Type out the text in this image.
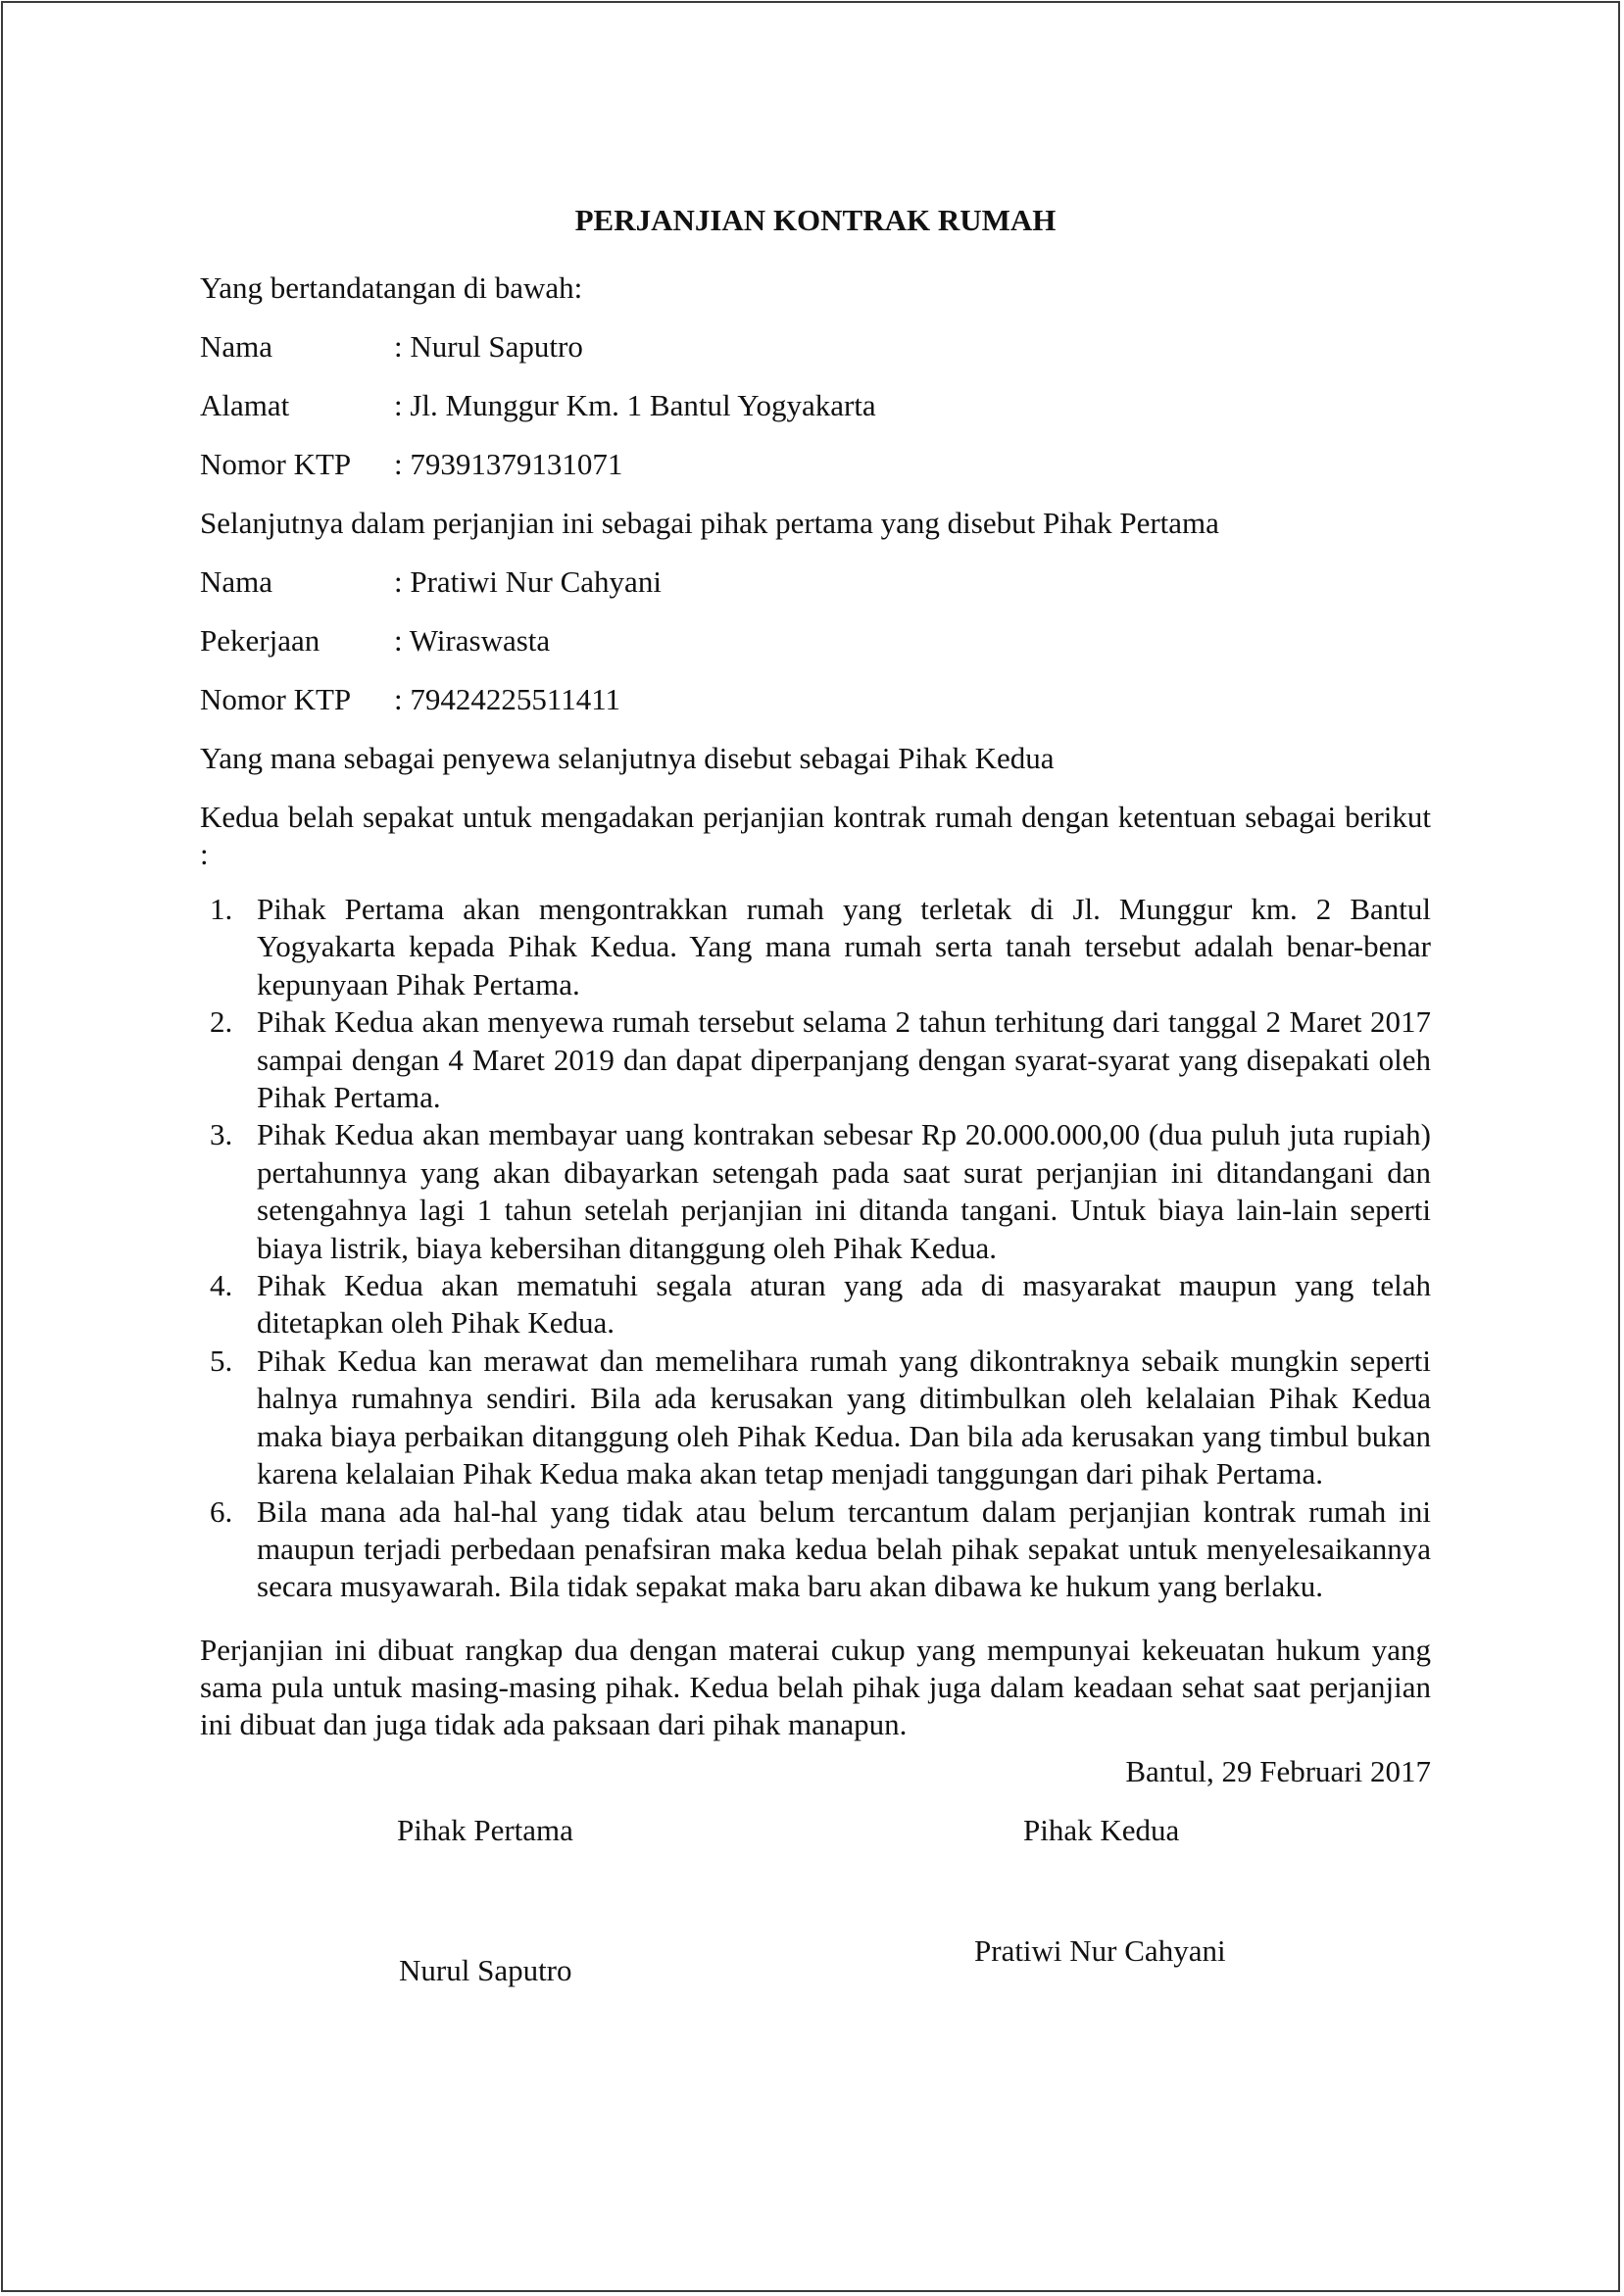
PERJANJIAN KONTRAK RUMAH
Yang bertandatangan di bawah:
Nama	: Nurul Saputro
Alamat	: Jl. Munggur Km. 1 Bantul Yogyakarta
Nomor KTP	: 79391379131071
Selanjutnya dalam perjanjian ini sebagai pihak pertama yang disebut Pihak Pertama
Nama	: Pratiwi Nur Cahyani
Pekerjaan	: Wiraswasta
Nomor KTP	: 79424225511411
Yang mana sebagai penyewa selanjutnya disebut sebagai Pihak Kedua
Kedua belah sepakat untuk mengadakan perjanjian kontrak rumah dengan ketentuan sebagai berikut :
1. Pihak Pertama akan mengontrakkan rumah yang terletak di Jl. Munggur km. 2 Bantul Yogyakarta kepada Pihak Kedua. Yang mana rumah serta tanah tersebut adalah benar-benar kepunyaan Pihak Pertama.
2. Pihak Kedua akan menyewa rumah tersebut selama 2 tahun terhitung dari tanggal 2 Maret 2017 sampai dengan 4 Maret 2019 dan dapat diperpanjang dengan syarat-syarat yang disepakati oleh Pihak Pertama.
3. Pihak Kedua akan membayar uang kontrakan sebesar Rp 20.000.000,00 (dua puluh juta rupiah) pertahunnya yang akan dibayarkan setengah pada saat surat perjanjian ini ditandangani dan setengahnya lagi 1 tahun setelah perjanjian ini ditanda tangani. Untuk biaya lain-lain seperti biaya listrik, biaya kebersihan ditanggung oleh Pihak Kedua.
4. Pihak Kedua akan mematuhi segala aturan yang ada di masyarakat maupun yang telah ditetapkan oleh Pihak Kedua.
5. Pihak Kedua kan merawat dan memelihara rumah yang dikontraknya sebaik mungkin seperti halnya rumahnya sendiri. Bila ada kerusakan yang ditimbulkan oleh kelalaian Pihak Kedua maka biaya perbaikan ditanggung oleh Pihak Kedua. Dan bila ada kerusakan yang timbul bukan karena kelalaian Pihak Kedua maka akan tetap menjadi tanggungan dari pihak Pertama.
6. Bila mana ada hal-hal yang tidak atau belum tercantum dalam perjanjian kontrak rumah ini maupun terjadi perbedaan penafsiran maka kedua belah pihak sepakat untuk menyelesaikannya secara musyawarah. Bila tidak sepakat maka baru akan dibawa ke hukum yang berlaku.
Perjanjian ini dibuat rangkap dua dengan materai cukup yang mempunyai kekeuatan hukum yang sama pula untuk masing-masing pihak. Kedua belah pihak juga dalam keadaan sehat saat perjanjian ini dibuat dan juga tidak ada paksaan dari pihak manapun.
Bantul, 29 Februari 2017
Pihak Pertama	Pihak Kedua
Pratiwi Nur Cahyani
Nurul Saputro
